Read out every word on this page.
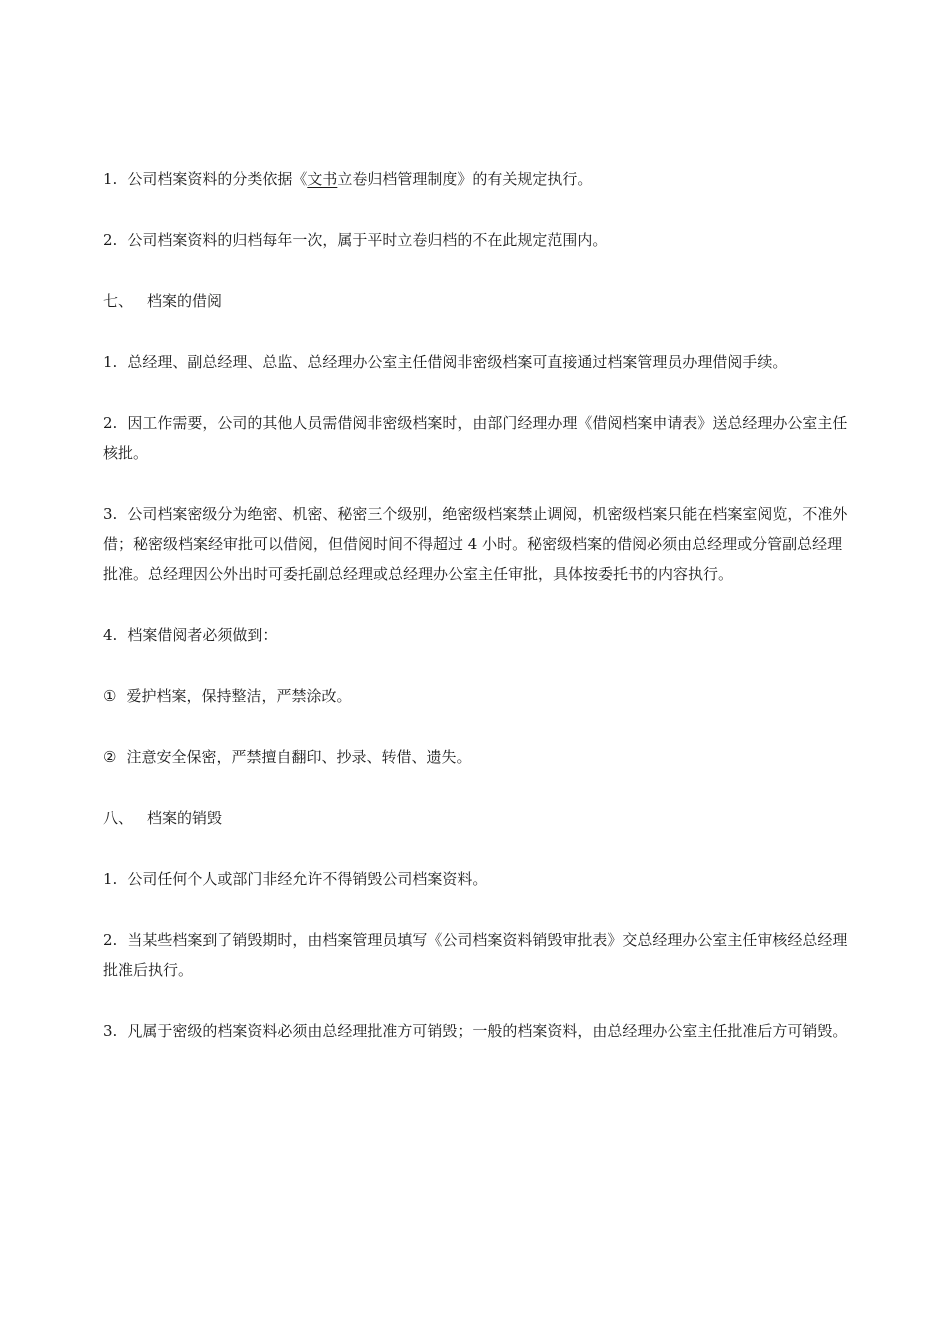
1. 公司档案资料的分类依据《文书立卷归档管理制度》的有关规定执行。

2. 公司档案资料的归档每年一次，属于平时立卷归档的不在此规定范围内。

七、 档案的借阅

1. 总经理、副总经理、总监、总经理办公室主任借阅非密级档案可直接通过档案管理员办理借阅手续。

2. 因工作需要，公司的其他人员需借阅非密级档案时，由部门经理办理《借阅档案申请表》送总经理办公室主任核批。

3. 公司档案密级分为绝密、机密、秘密三个级别，绝密级档案禁止调阅，机密级档案只能在档案室阅览，不准外借；秘密级档案经审批可以借阅，但借阅时间不得超过 4 小时。秘密级档案的借阅必须由总经理或分管副总经理批准。总经理因公外出时可委托副总经理或总经理办公室主任审批，具体按委托书的内容执行。

4. 档案借阅者必须做到：

① 爱护档案，保持整洁，严禁涂改。

② 注意安全保密，严禁擅自翻印、抄录、转借、遗失。

八、 档案的销毁

1. 公司任何个人或部门非经允许不得销毁公司档案资料。

2. 当某些档案到了销毁期时，由档案管理员填写《公司档案资料销毁审批表》交总经理办公室主任审核经总经理批准后执行。

3. 凡属于密级的档案资料必须由总经理批准方可销毁；一般的档案资料，由总经理办公室主任批准后方可销毁。
